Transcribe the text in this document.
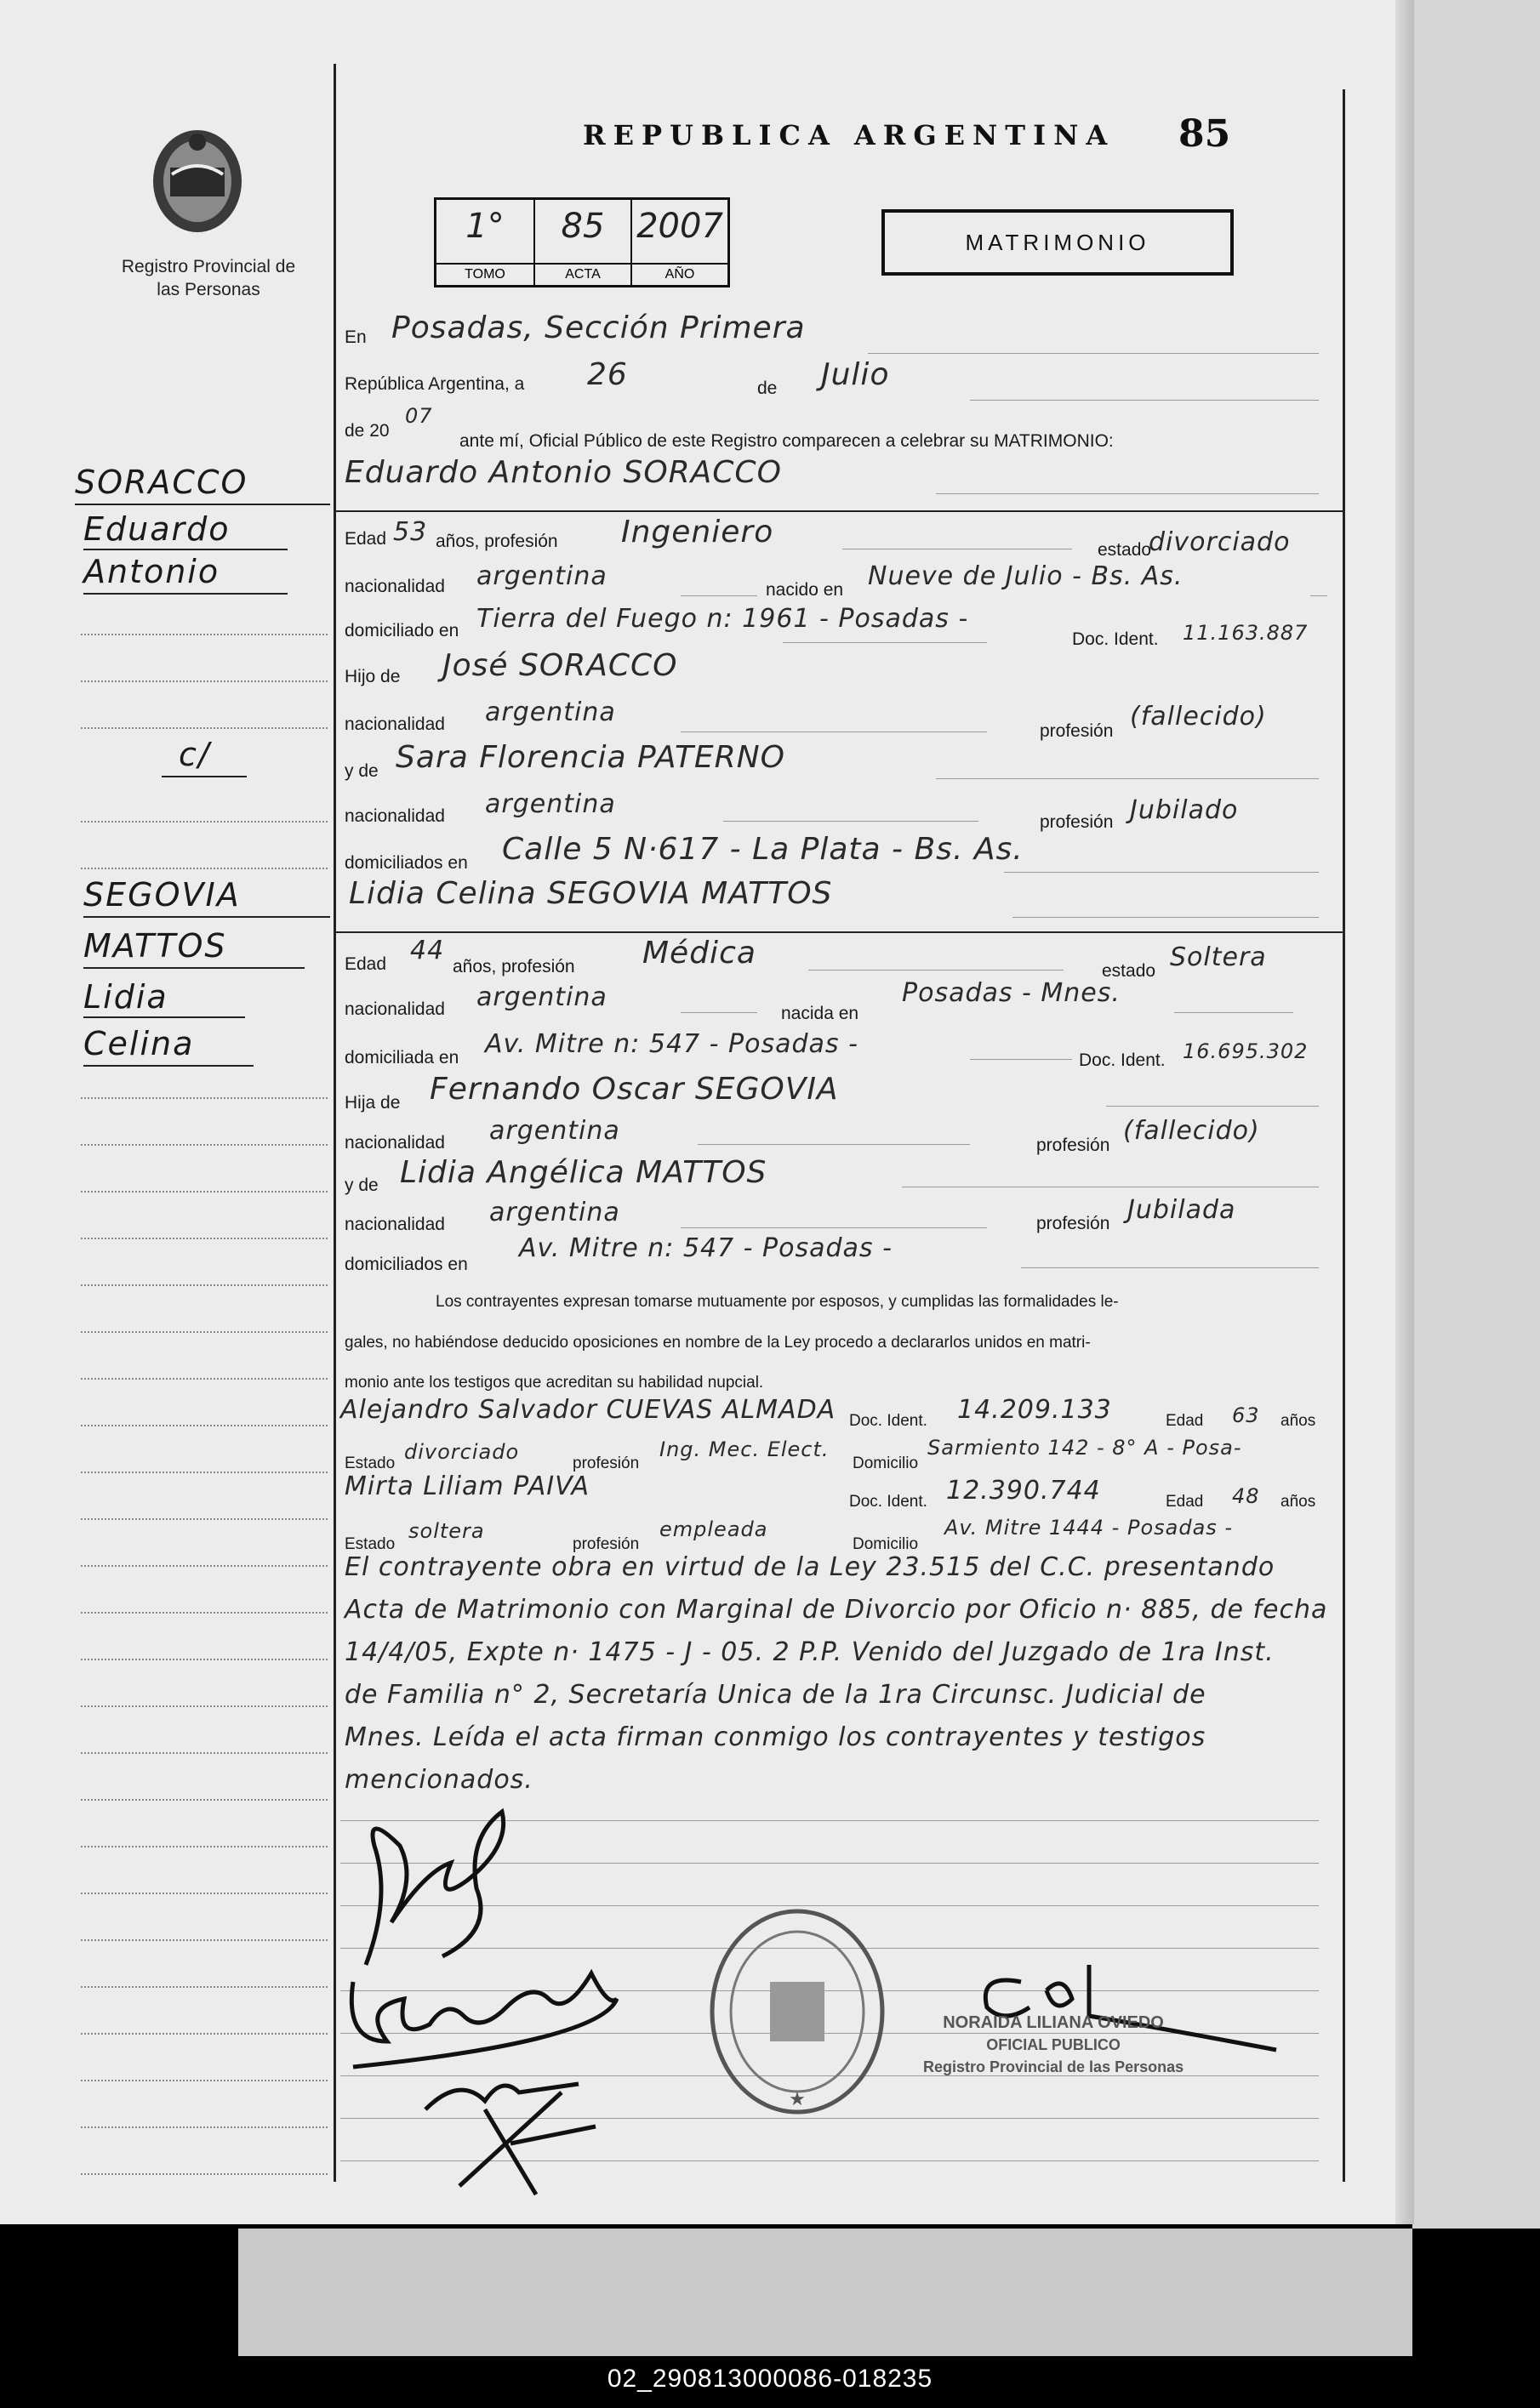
Registro Provincial de las Personas
REPUBLICA ARGENTINA 85
MATRIMONIO
1°
TOMO
85
ACTA
2007
AÑO
SORACCO
Eduardo
Antonio
c/
SEGOVIA
MATTOS
Lidia
Celina
En Posadas, Sección Primera
República Argentina, a 26	de Julio
de 20
07
ante mí, Oficial Público de este Registro comparecen a celebrar su MATRIMONIO:
Eduardo Antonio SORACCO
Edad 53 años, profesión Ingeniero
estado
divorciado
nacionalidad argentina	nacido en Nueve de Julio - Bs. As.
domiciliado en Tierra del Fuego n: 1961 - Posadas -
Doc. Ident. 11.163.887
Hijo de José SORACCO
nacionalidad argentina
profesión (fallecido)
y de Sara Florencia PATERNO
nacionalidad argentina
profesión Jubilado
domiciliados en Calle 5 N·617 - La Plata - Bs. As.
Lidia Celina SEGOVIA MATTOS
Edad 44
años, profesión Médica
estado Soltera
nacionalidad argentina
nacida en
Posadas - Mnes.
domiciliada en Av. Mitre n: 547 - Posadas -
Doc. Ident. 16.695.302
Hija de Fernando Oscar SEGOVIA
nacionalidad argentina	profesión (fallecido)
y de Lidia Angélica MATTOS
nacionalidad argentina	profesión Jubilada
domiciliados en
Av. Mitre n: 547 - Posadas -
Los contrayentes expresan tomarse mutuamente por esposos, y cumplidas las formalidades le-
gales, no habiéndose deducido oposiciones en nombre de la Ley procedo a declararlos unidos en matri-
monio ante los testigos que acreditan su habilidad nupcial.
Alejandro Salvador CUEVAS ALMADA Doc. Ident. 14.209.133	Edad 63 años
Estado divorciado	profesión
Ing. Mec. Elect.
Domicilio
Sarmiento 142 - 8° A - Posa-
Mirta Liliam PAIVA
Doc. Ident. 12.390.744	Edad 48 años
Estado
soltera
profesión
empleada
Domicilio
Av. Mitre 1444 - Posadas -
El contrayente obra en virtud de la Ley 23.515 del C.C. presentando
Acta de Matrimonio con Marginal de Divorcio por Oficio n· 885, de fecha
14/4/05, Expte n· 1475 - J - 05. 2 P.P. Venido del Juzgado de 1ra Inst.
de Familia n° 2, Secretaría Unica de la 1ra Circunsc. Judicial de
Mnes. Leída el acta firman conmigo los contrayentes y testigos
mencionados.
★
NORAIDA LILIANA OVIEDO
OFICIAL PUBLICO
Registro Provincial de las Personas
02_290813000086-018235
